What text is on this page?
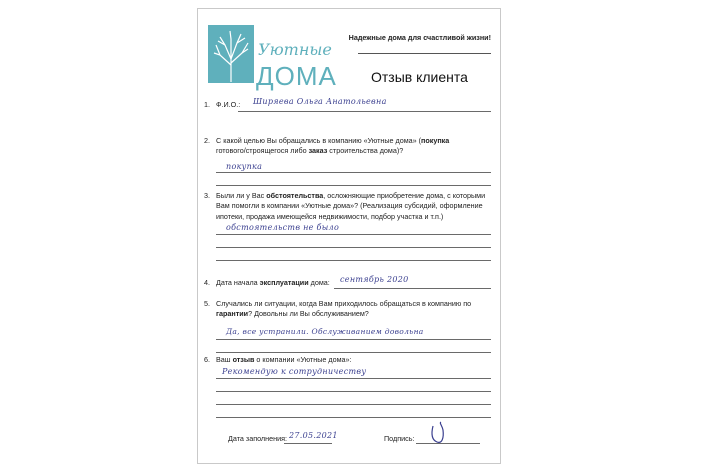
Надежные дома для счастливой жизни!
Уютные
ДОМА Отзыв клиента
1. Ф.И.О.:	Ширяева Ольга Анатольевна
2. С какой целью Вы обращались в компанию «Уютные дома» (покупка
готового/строящегося либо заказ строительства дома)?
покупка
3. Были ли у Вас обстоятельства, осложняющие приобретение дома, с которыми Вам помогли в компании «Уютные дома»? (Реализация субсидий, оформление ипотеки, продажа имеющейся недвижимости, подбор участка и т.п.)
обстоятельств не было
4. Дата начала эксплуатации дома:	сентябрь 2020
5. Случались ли ситуации, когда Вам приходилось обращаться в компанию по гарантии? Довольны ли Вы обслуживанием?
Да, все устранили. Обслуживанием довольна
6. Ваш отзыв о компании «Уютные дома»:
Рекомендую к сотрудничеству
Дата заполнения: 27.05.2021	Подпись:
